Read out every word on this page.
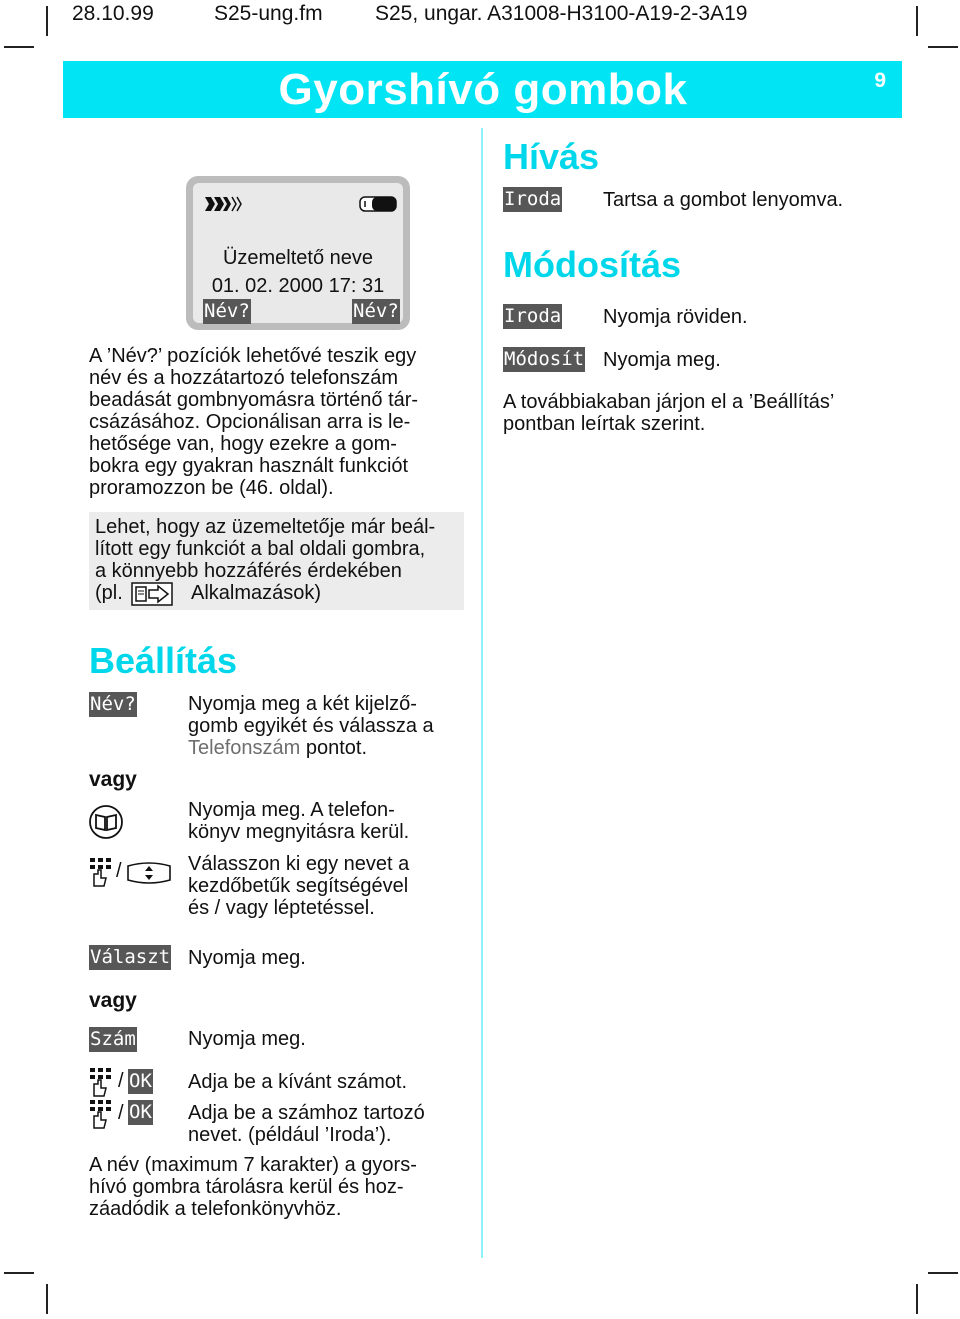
28.10.99	S25-ung.fm S25, ungar. A31008-H3100-A19-2-3A19
Gyorshívó gombok	9
Üzemeltető neve
01. 02. 2000 17: 31
Név?	Név?
A ’Név?’ pozíciók lehetővé teszik egy
név és a hozzátartozó telefonszám
beadását gombnyomásra történő tár-
csázásához. Opcionálisan arra is le-
hetősége van, hogy ezekre a gom-
bokra egy gyakran használt funkciót
proramozzon be (46. oldal).
Lehet, hogy az üzemeltetője már beál-
lított egy funkciót a bal oldali gombra,
a könnyebb hozzáférés érdekében
(pl.	Alkalmazások)
Beállítás
Név?	Nyomja meg a két kijelző-
gomb egyikét és válassza a
Telefonszám pontot.
vagy
Nyomja meg. A telefon-
könyv megnyitásra kerül.
/	Válasszon ki egy nevet a
kezdőbetűk segítségével
és / vagy léptetéssel.
Választ Nyomja meg.
vagy
Szám	Nyomja meg.
/ OK Adja be a kívánt számot.
/ OK Adja be a számhoz tartozó
nevet. (például ’Iroda’).
A név (maximum 7 karakter) a gyors-
hívó gombra tárolásra kerül és hoz-
záadódik a telefonkönyvhöz.
Hívás
Iroda Tartsa a gombot lenyomva.
Módosítás
Iroda Nyomja röviden.
Módosít Nyomja meg.
A továbbiakaban járjon el a ’Beállítás’
pontban leírtak szerint.
